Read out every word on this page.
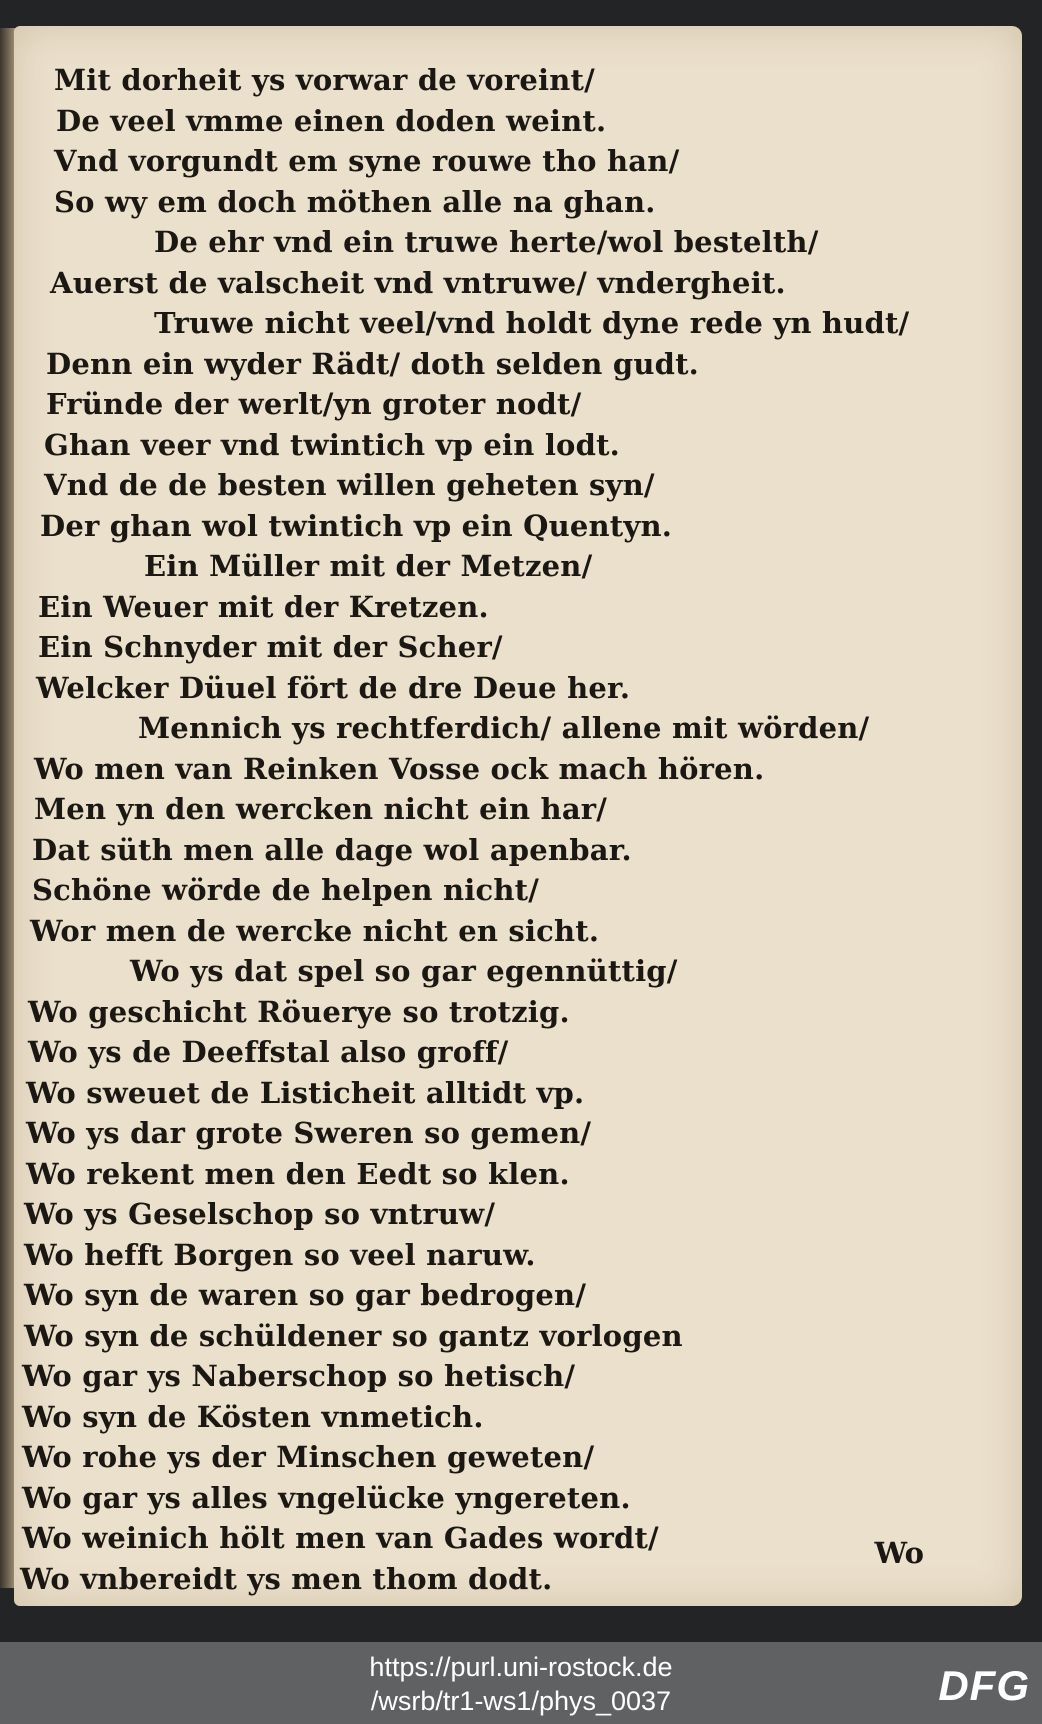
Mit dorheit ys vorwar de voreint/
De veel vmme einen doden weint.
Vnd vorgundt em syne rouwe tho han/
So wy em doch möthen alle na ghan.
De ehr vnd ein truwe herte/wol bestelth/
Auerst de valscheit vnd vntruwe/ vndergheit.
Truwe nicht veel/vnd holdt dyne rede yn hudt/
Denn ein wyder Rädt/ doth selden gudt.
Fründe der werlt/yn groter nodt/
Ghan veer vnd twintich vp ein lodt.
Vnd de de besten willen geheten syn/
Der ghan wol twintich vp ein Quentyn.
Ein Müller mit der Metzen/
Ein Weuer mit der Kretzen.
Ein Schnyder mit der Scher/
Welcker Düuel fört de dre Deue her.
Mennich ys rechtferdich/ allene mit wörden/
Wo men van Reinken Vosse ock mach hören.
Men yn den wercken nicht ein har/
Dat süth men alle dage wol apenbar.
Schöne wörde de helpen nicht/
Wor men de wercke nicht en sicht.
Wo ys dat spel so gar egennüttig/
Wo geschicht Röuerye so trotzig.
Wo ys de Deeffstal also groff/
Wo sweuet de Listicheit alltidt vp.
Wo ys dar grote Sweren so gemen/
Wo rekent men den Eedt so klen.
Wo ys Geselschop so vntruw/
Wo hefft Borgen so veel naruw.
Wo syn de waren so gar bedrogen/
Wo syn de schüldener so gantz vorlogen
Wo gar ys Naberschop so hetisch/
Wo syn de Kösten vnmetich.
Wo rohe ys der Minschen geweten/
Wo gar ys alles vngelücke yngereten.
Wo weinich hölt men van Gades wordt/
Wo vnbereidt ys men thom dodt.
Wo
https://purl.uni-rostock.de
/wsrb/tr1-ws1/phys_0037	DFG
